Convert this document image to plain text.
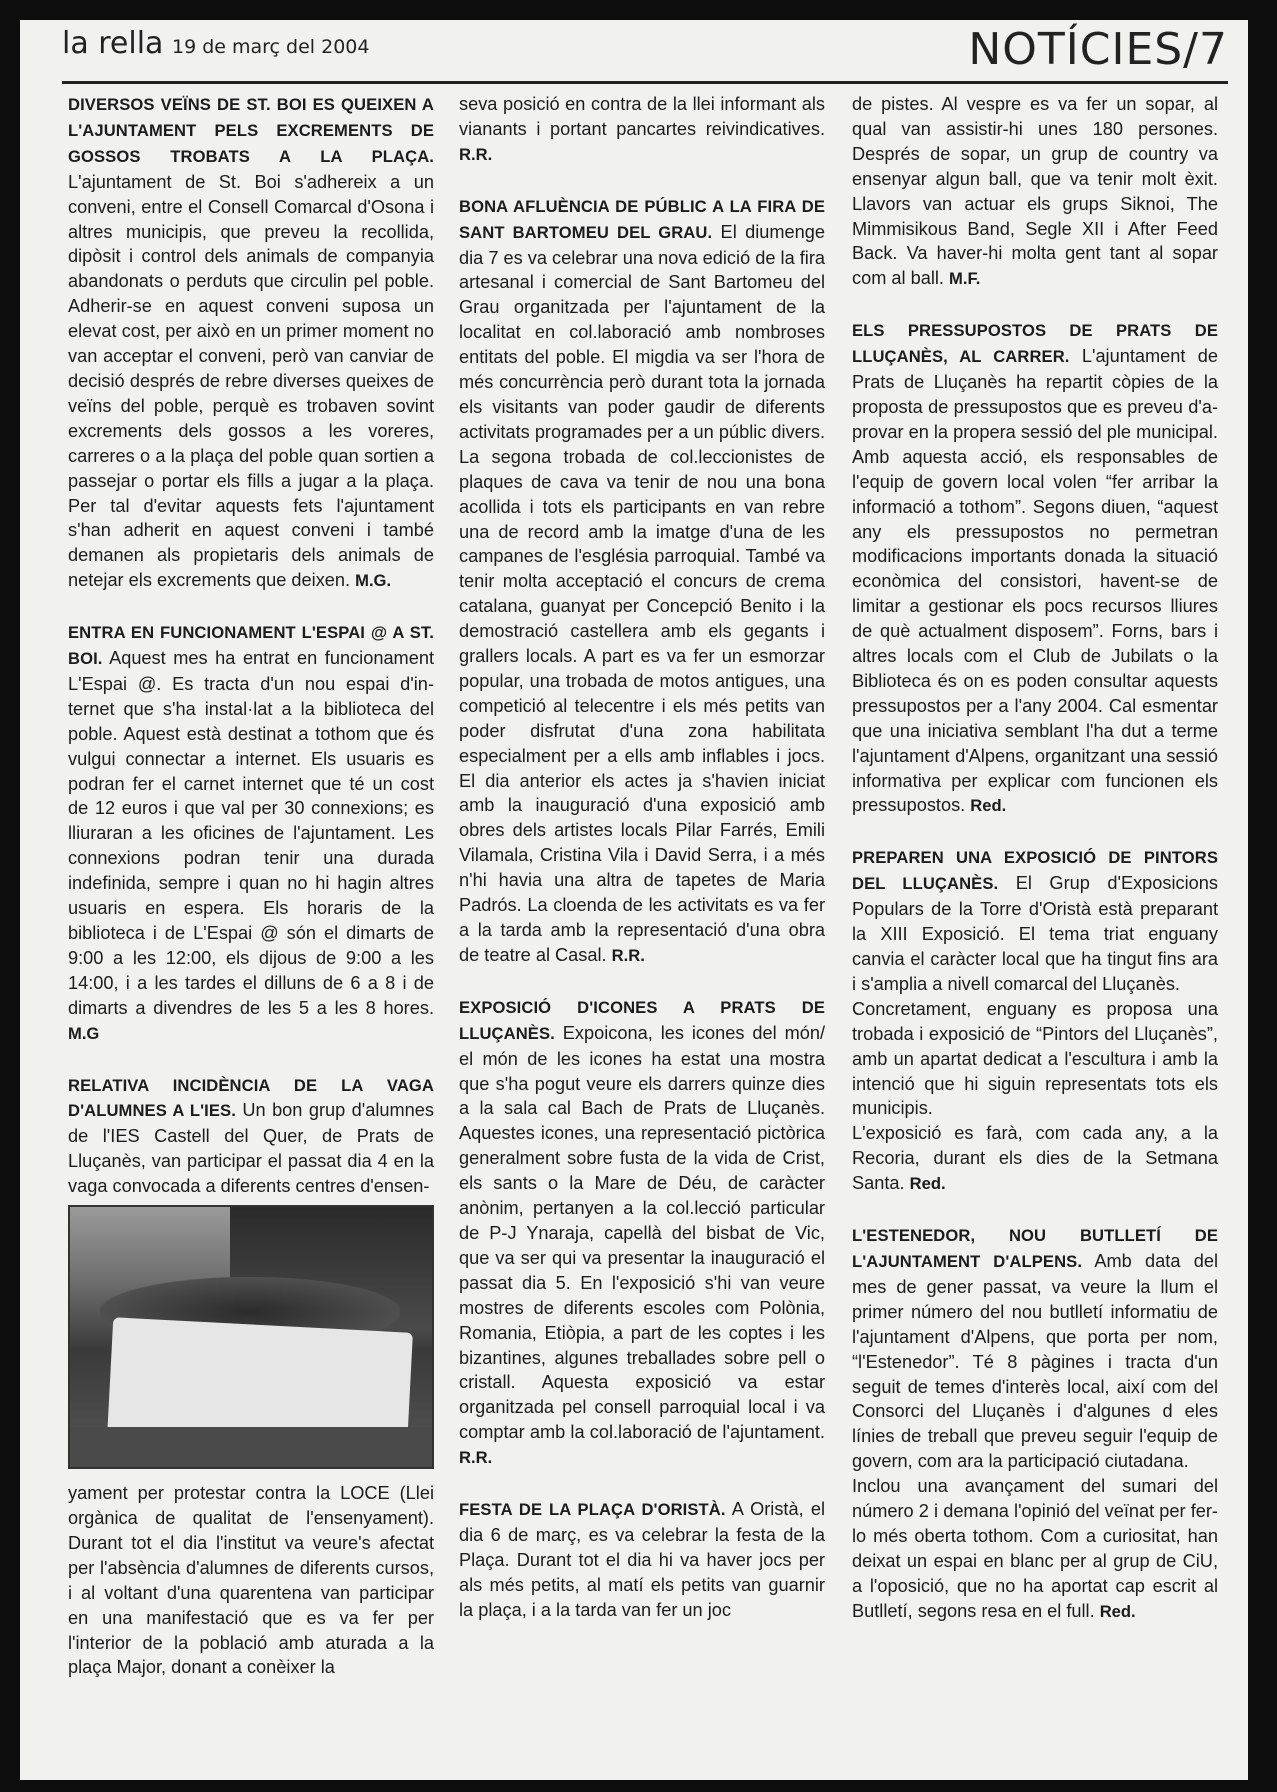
la rella 19 de març del 2004	NOTÍCIES/7

DIVERSOS VEÏNS DE ST. BOI ES QUEIXEN A L'AJUNTAMENT PELS EXCREMENTS DE GOSSOS TROBATS A LA PLAÇA. L'ajuntament de St. Boi s'adhereix a un conveni, entre el Consell Comarcal d'Osona i altres municipis, que preveu la recollida, dipòsit i control dels animals de companyia abandonats o perduts que circulin pel poble. Adherir-se en aquest conveni suposa un elevat cost, per això en un primer moment no van acceptar el conveni, però van canviar de decisió després de rebre diverses queixes de veïns del poble, perquè es trobaven sovint excrements dels gossos a les voreres, carreres o a la plaça del poble quan sortien a passejar o portar els fills a jugar a la plaça. Per tal d'evitar aquests fets l'ajuntament s'han adherit en aquest conveni i també demanen als propietaris dels animals de netejar els excrements que deixen. M.G.

ENTRA EN FUNCIONAMENT L'ESPAI @ A ST. BOI. Aquest mes ha entrat en funcionament L'Espai @. Es tracta d'un nou espai d'internet que s'ha instal·lat a la biblioteca del poble. Aquest està destinat a tothom que és vulgui connectar a internet. Els usuaris es podran fer el carnet internet que té un cost de 12 euros i que val per 30 connexions; es lliuraran a les oficines de l'ajuntament. Les connexions podran tenir una durada indefinida, sempre i quan no hi hagin altres usuaris en espera. Els horaris de la biblioteca i de L'Espai @ són el dimarts de 9:00 a les 12:00, els dijous de 9:00 a les 14:00, i a les tardes el dilluns de 6 a 8 i de dimarts a divendres de les 5 a les 8 hores. M.G

RELATIVA INCIDÈNCIA DE LA VAGA D'ALUMNES A L'IES. Un bon grup d'alumnes de l'IES Castell del Quer, de Prats de Lluçanès, van participar el passat dia 4 en la vaga convocada a diferents centres d'ensen-

yament per protestar contra la LOCE (Llei orgànica de qualitat de l'ensenyament). Durant tot el dia l'institut va veure's afectat per l'absència d'alumnes de diferents cursos, i al voltant d'una quarentena van participar en una manifestació que es va fer per l'interior de la població amb aturada a la plaça Major, donant a conèixer la

seva posició en contra de la llei informant als vianants i portant pancartes reivindicatives. R.R.

BONA AFLUÈNCIA DE PÚBLIC A LA FIRA DE SANT BARTOMEU DEL GRAU. El diumenge dia 7 es va celebrar una nova edició de la fira artesanal i comercial de Sant Bartomeu del Grau organitzada per l'ajuntament de la localitat en col.laboració amb nombroses entitats del poble. El migdia va ser l'hora de més concurrència però durant tota la jornada els visitants van poder gaudir de diferents activitats programades per a un públic divers. La segona trobada de col.leccionistes de plaques de cava va tenir de nou una bona acollida i tots els participants en van rebre una de record amb la imatge d'una de les campanes de l'església parroquial. També va tenir molta acceptació el concurs de crema catalana, guanyat per Concepció Benito i la demostració castellera amb els gegants i grallers locals. A part es va fer un esmorzar popular, una trobada de motos antigues, una competició al telecentre i els més petits van poder disfrutat d'una zona habilitata especialment per a ells amb inflables i jocs. El dia anterior els actes ja s'havien iniciat amb la inauguració d'una exposició amb obres dels artistes locals Pilar Farrés, Emili Vilamala, Cristina Vila i David Serra, i a més n'hi havia una altra de tapetes de Maria Padrós. La cloenda de les activitats es va fer a la tarda amb la representació d'una obra de teatre al Casal. R.R.

EXPOSICIÓ D'ICONES A PRATS DE LLUÇANÈS. Expoicona, les icones del món/ el món de les icones ha estat una mostra que s'ha pogut veure els darrers quinze dies a la sala cal Bach de Prats de Lluçanès. Aquestes icones, una representació pictòrica generalment sobre fusta de la vida de Crist, els sants o la Mare de Déu, de caràcter anònim, pertanyen a la col.lecció particular de P-J Ynaraja, capellà del bisbat de Vic, que va ser qui va presentar la inauguració el passat dia 5. En l'exposició s'hi van veure mostres de diferents escoles com Polònia, Romania, Etiòpia, a part de les coptes i les bizantines, algunes treballades sobre pell o cristall. Aquesta exposició va estar organitzada pel consell parroquial local i va comptar amb la col.laboració de l'ajuntament. R.R.

FESTA DE LA PLAÇA D'ORISTÀ. A Oristà, el dia 6 de març, es va celebrar la festa de la Plaça. Durant tot el dia hi va haver jocs per als més petits, al matí els petits van guarnir la plaça, i a la tarda van fer un joc

de pistes. Al vespre es va fer un sopar, al qual van assistir-hi unes 180 persones. Després de sopar, un grup de country va ensenyar algun ball, que va tenir molt èxit. Llavors van actuar els grups Siknoi, The Mimmisikous Band, Segle XII i After Feed Back. Va haver-hi molta gent tant al sopar com al ball. M.F.

ELS PRESSUPOSTOS DE PRATS DE LLUÇANÈS, AL CARRER. L'ajuntament de Prats de Lluçanès ha repartit còpies de la proposta de pressupostos que es preveu d'aprovar en la propera sessió del ple municipal. Amb aquesta acció, els responsables de l'equip de govern local volen “fer arribar la informació a tothom”. Segons diuen, “aquest any els pressupostos no permetran modificacions importants donada la situació econòmica del consistori, havent-se de limitar a gestionar els pocs recursos lliures de què actualment disposem”. Forns, bars i altres locals com el Club de Jubilats o la Biblioteca és on es poden consultar aquests pressupostos per a l'any 2004. Cal esmentar que una iniciativa semblant l'ha dut a terme l'ajuntament d'Alpens, organitzant una sessió informativa per explicar com funcionen els pressupostos. Red.

PREPAREN UNA EXPOSICIÓ DE PINTORS DEL LLUÇANÈS. El Grup d'Exposicions Populars de la Torre d'Oristà està preparant la XIII Exposició. El tema triat enguany canvia el caràcter local que ha tingut fins ara i s'amplia a nivell comarcal del Lluçanès.

Concretament, enguany es proposa una trobada i exposició de “Pintors del Lluçanès”, amb un apartat dedicat a l'escultura i amb la intenció que hi siguin representats tots els municipis.

L'exposició es farà, com cada any, a la Recoria, durant els dies de la Setmana Santa. Red.

L'ESTENEDOR, NOU BUTLLETÍ DE L'AJUNTAMENT D'ALPENS. Amb data del mes de gener passat, va veure la llum el primer número del nou butlletí informatiu de l'ajuntament d'Alpens, que porta per nom, “l'Estenedor”. Té 8 pàgines i tracta d'un seguit de temes d'interès local, així com del Consorci del Lluçanès i d'algunes d eles línies de treball que preveu seguir l'equip de govern, com ara la participació ciutadana.

Inclou una avançament del sumari del número 2 i demana l'opinió del veïnat per fer-lo més oberta tothom. Com a curiositat, han deixat un espai en blanc per al grup de CiU, a l'oposició, que no ha aportat cap escrit al Butlletí, segons resa en el full. Red.
